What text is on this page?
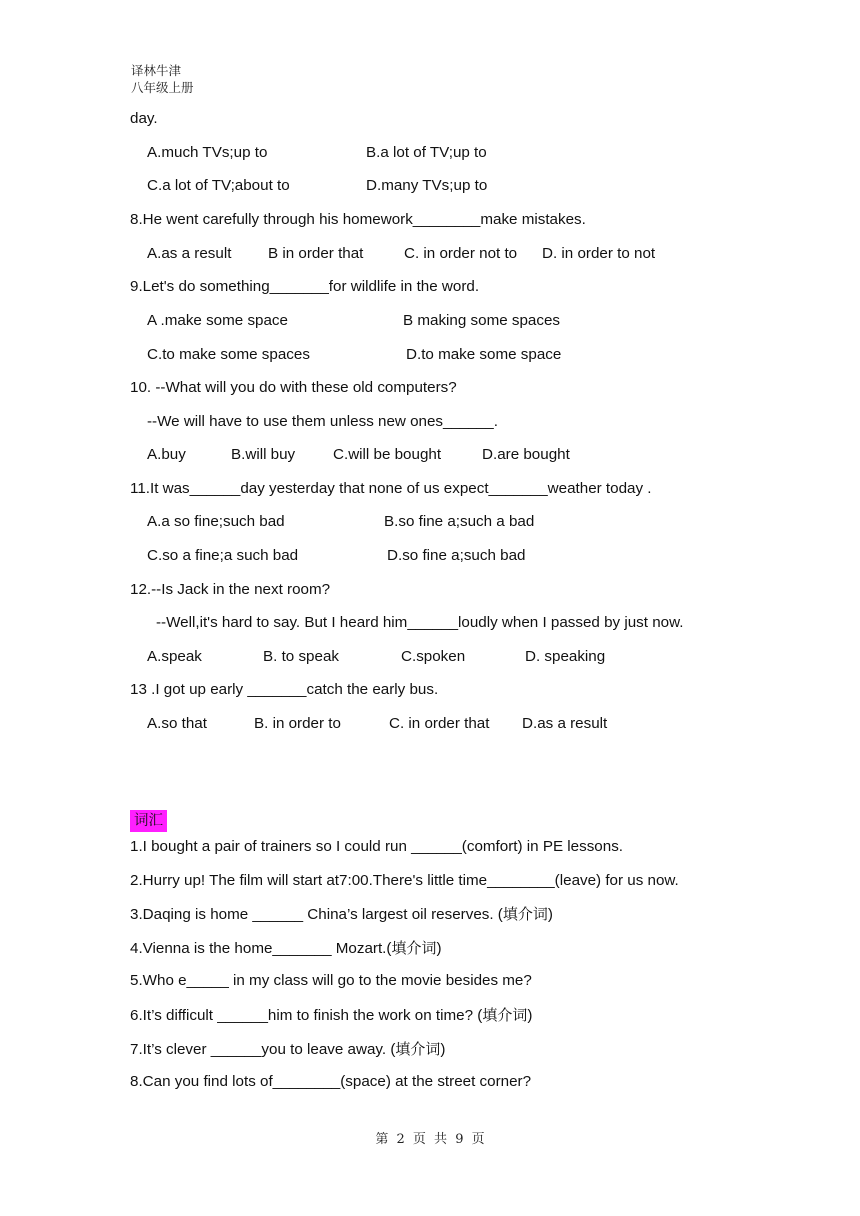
译林牛津
八年级上册
day.
A.much TVs;up to	B.a lot of TV;up to
C.a lot of TV;about to	D.many TVs;up to
8.He went carefully through his homework________make mistakes.
A.as a result B in order that	C. in order not to D. in order to not
9.Let's do something_______for wildlife in the word.
A .make some space	B making some spaces
C.to make some spaces	D.to make some space
10. --What will you do with these old computers?
--We will have to use them unless new ones______.
A.buy	B.will buy C.will be bought	D.are bought
11.It was______day yesterday that none of us expect_______weather today .
A.a so fine;such bad	B.so fine a;such a bad
C.so a fine;a such bad	D.so fine a;such bad
12.--Is Jack in the next room?
--Well,it's hard to say. But I heard him______loudly when I passed by just now.
A.speak	B. to speak	C.spoken	D. speaking
13 .I got up early _______catch the early bus.
A.so that	B. in order to	C. in order that D.as a result
词汇
1.I bought a pair of trainers so I could run ______(comfort) in PE lessons.
2.Hurry up! The film will start at7:00.There's little time________(leave) for us now.
3.Daqing is home ______ China’s largest oil reserves. (填介词)
4.Vienna is the home_______ Mozart.(填介词)
5.Who e_____ in my class will go to the movie besides me?
6.It’s difficult ______him to finish the work on time? (填介词)
7.It’s clever ______you to leave away. (填介词)
8.Can you find lots of________(space) at the street corner?
第 2 页 共 9 页
